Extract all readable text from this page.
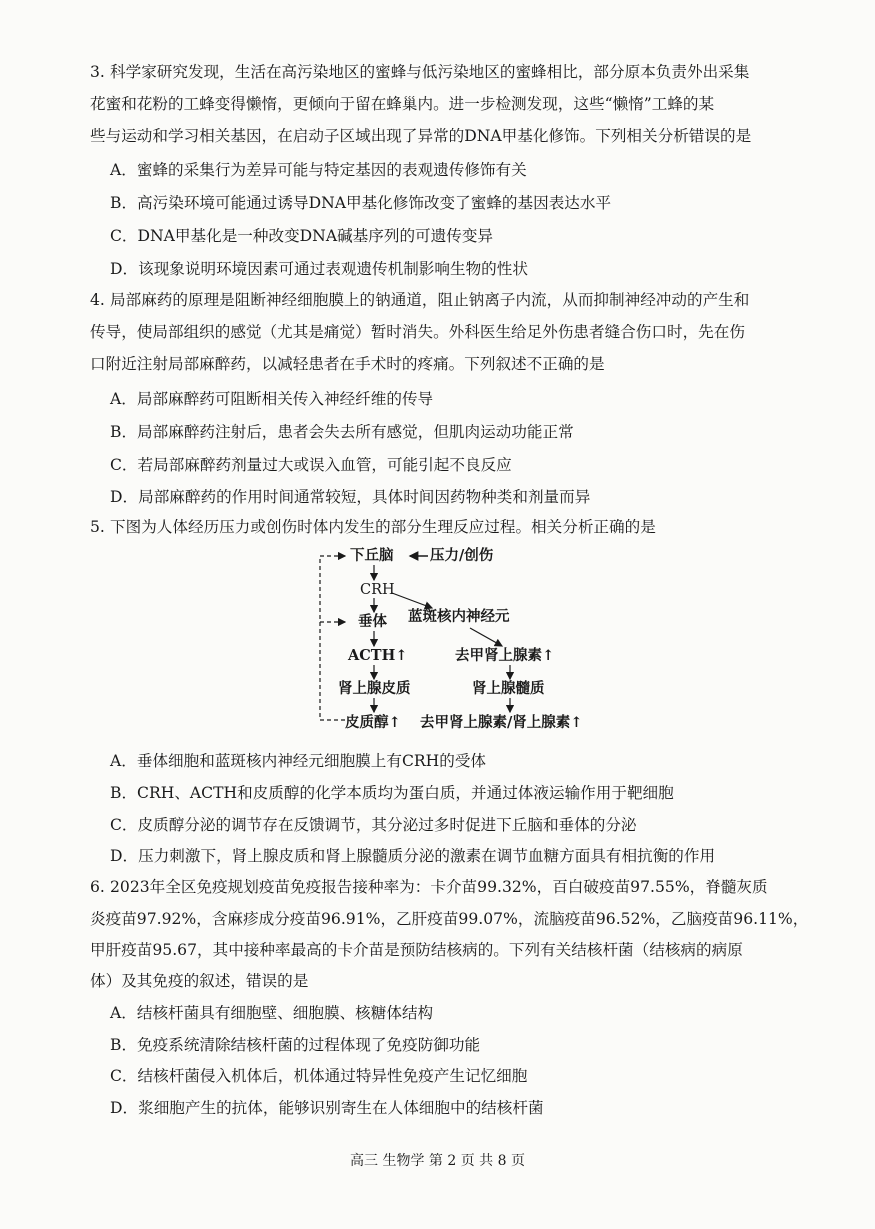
3. 科学家研究发现，生活在高污染地区的蜜蜂与低污染地区的蜜蜂相比，部分原本负责外出采集
花蜜和花粉的工蜂变得懒惰，更倾向于留在蜂巢内。进一步检测发现，这些“懒惰”工蜂的某
些与运动和学习相关基因，在启动子区域出现了异常的DNA甲基化修饰。下列相关分析错误的是
A．蜜蜂的采集行为差异可能与特定基因的表观遗传修饰有关
B．高污染环境可能通过诱导DNA甲基化修饰改变了蜜蜂的基因表达水平
C．DNA甲基化是一种改变DNA碱基序列的可遗传变异
D．该现象说明环境因素可通过表观遗传机制影响生物的性状
4. 局部麻药的原理是阻断神经细胞膜上的钠通道，阻止钠离子内流，从而抑制神经冲动的产生和
传导，使局部组织的感觉（尤其是痛觉）暂时消失。外科医生给足外伤患者缝合伤口时，先在伤
口附近注射局部麻醉药，以减轻患者在手术时的疼痛。下列叙述不正确的是
A．局部麻醉药可阻断相关传入神经纤维的传导
B．局部麻醉药注射后，患者会失去所有感觉，但肌肉运动功能正常
C．若局部麻醉药剂量过大或误入血管，可能引起不良反应
D．局部麻醉药的作用时间通常较短，具体时间因药物种类和剂量而异
5. 下图为人体经历压力或创伤时体内发生的部分生理反应过程。相关分析正确的是
下丘脑	压力/创伤
CRH
蓝斑核内神经元
垂体
ACTH↑	去甲肾上腺素↑
肾上腺皮质	肾上腺髓质
皮质醇↑ 去甲肾上腺素/肾上腺素↑
A．垂体细胞和蓝斑核内神经元细胞膜上有CRH的受体
B．CRH、ACTH和皮质醇的化学本质均为蛋白质，并通过体液运输作用于靶细胞
C．皮质醇分泌的调节存在反馈调节，其分泌过多时促进下丘脑和垂体的分泌
D．压力刺激下，肾上腺皮质和肾上腺髓质分泌的激素在调节血糖方面具有相抗衡的作用
6. 2023年全区免疫规划疫苗免疫报告接种率为：卡介苗99.32%，百白破疫苗97.55%，脊髓灰质
炎疫苗97.92%，含麻疹成分疫苗96.91%，乙肝疫苗99.07%，流脑疫苗96.52%，乙脑疫苗96.11%，
甲肝疫苗95.67，其中接种率最高的卡介苗是预防结核病的。下列有关结核杆菌（结核病的病原
体）及其免疫的叙述，错误的是
A．结核杆菌具有细胞壁、细胞膜、核糖体结构
B．免疫系统清除结核杆菌的过程体现了免疫防御功能
C．结核杆菌侵入机体后，机体通过特异性免疫产生记忆细胞
D．浆细胞产生的抗体，能够识别寄生在人体细胞中的结核杆菌
高三 生物学 第 2 页 共 8 页
